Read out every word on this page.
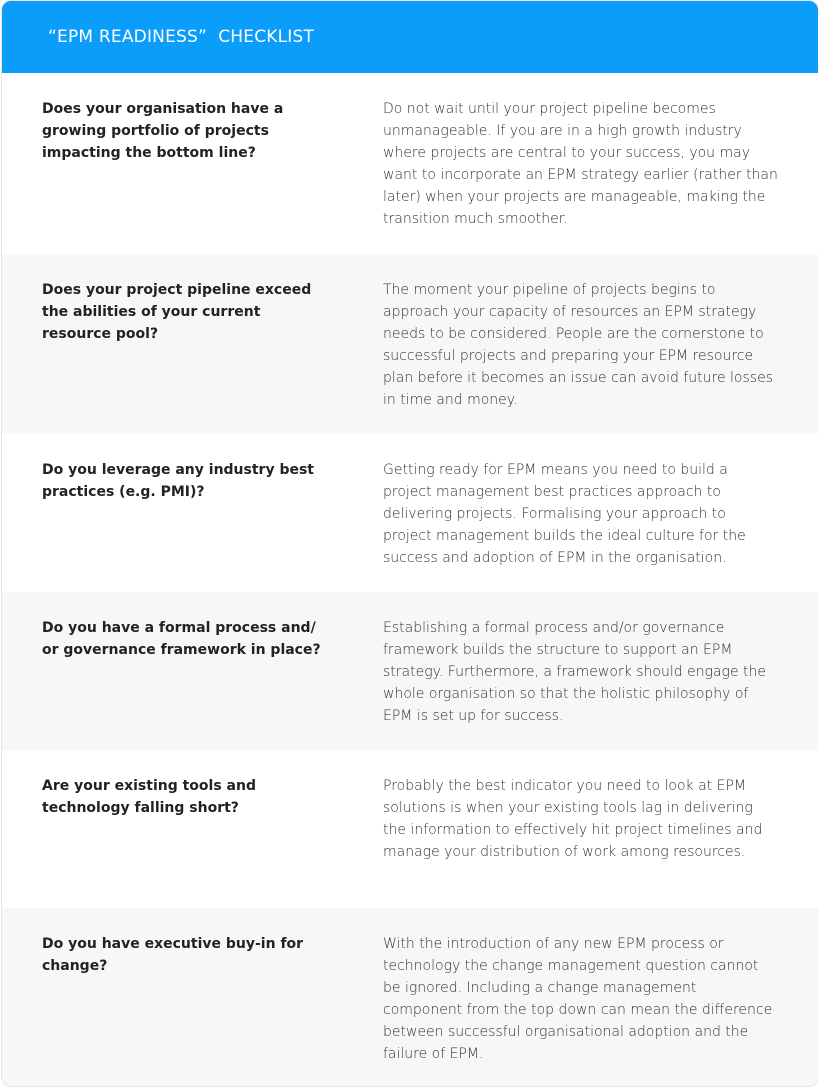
“EPM READINESS”  CHECKLIST
Does your organisation have a growing portfolio of projects impacting the bottom line?
Do not wait until your project pipeline becomes unmanageable. If you are in a high growth industry where projects are central to your success, you may want to incorporate an EPM strategy earlier (rather than later) when your projects are manageable, making the transition much smoother.
Does your project pipeline exceed the abilities of your current resource pool?
The moment your pipeline of projects begins to approach your capacity of resources an EPM strategy needs to be considered. People are the cornerstone to successful projects and preparing your EPM resource plan before it becomes an issue can avoid future losses in time and money.
Do you leverage any industry best practices (e.g. PMI)?
Getting ready for EPM means you need to build a project management best practices approach to delivering projects. Formalising your approach to project management builds the ideal culture for the success and adoption of EPM in the organisation.
Do you have a formal process and/ or governance framework in place?
Establishing a formal process and/or governance framework builds the structure to support an EPM strategy. Furthermore, a framework should engage the whole organisation so that the holistic philosophy of EPM is set up for success.
Are your existing tools and technology falling short?
Probably the best indicator you need to look at EPM solutions is when your existing tools lag in delivering the information to effectively hit project timelines and manage your distribution of work among resources.
Do you have executive buy-in for change?
With the introduction of any new EPM process or technology the change management question cannot be ignored. Including a change management component from the top down can mean the difference between successful organisational adoption and the failure of EPM.
